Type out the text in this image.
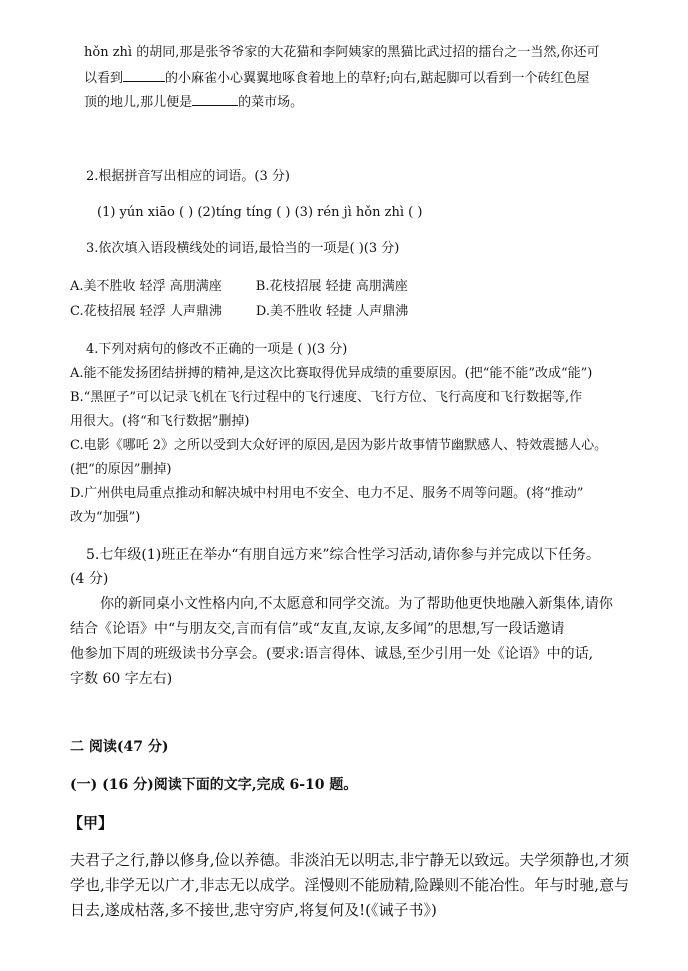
hǒn zhì 的胡同,那是张爷爷家的大花猫和李阿姨家的黑猫比武过招的擂台之一当然,你还可
以看到	的小麻雀小心翼翼地啄食着地上的草籽;向右,踮起脚可以看到一个砖红色屋
顶的地儿,那儿便是	的菜市场。
2.根据拼音写出相应的词语。(3 分)
(1) yún xiāo ( ) (2)tíng tíng ( ) (3) rén jì hǒn zhì ( )
3.依次填入语段横线处的词语,最恰当的一项是( )(3 分)
A.美不胜收 轻浮 高朋满座	B.花枝招展 轻捷 高朋满座
C.花枝招展 轻浮 人声鼎沸	D.美不胜收 轻捷 人声鼎沸
4.下列对病句的修改不正确的一项是 ( )(3 分)
A.能不能发扬团结拼搏的精神,是这次比赛取得优异成绩的重要原因。(把“能不能”改成“能”)
B.“黑匣子”可以记录飞机在飞行过程中的飞行速度、飞行方位、飞行高度和飞行数据等,作
用很大。(将“和飞行数据”删掉)
C.电影《哪吒 2》之所以受到大众好评的原因,是因为影片故事情节幽默感人、特效震撼人心。
(把“的原因”删掉)
D.广州供电局重点推动和解决城中村用电不安全、电力不足、服务不周等问题。(将“推动”
改为“加强”)
5.七年级(1)班正在举办“有朋自远方来”综合性学习活动,请你参与并完成以下任务。
(4 分)
你的新同桌小文性格内向,不太愿意和同学交流。为了帮助他更快地融入新集体,请你
结合《论语》中“与朋友交,言而有信”或“友直,友谅,友多闻”的思想,写一段话邀请
他参加下周的班级读书分享会。(要求:语言得体、诚恳,至少引用一处《论语》中的话,
字数 60 字左右)
二 阅读(47 分)
(一) (16 分)阅读下面的文字,完成 6-10 题。
【甲】
夫君子之行,静以修身,俭以养德。非淡泊无以明志,非宁静无以致远。夫学须静也,才须
学也,非学无以广才,非志无以成学。淫慢则不能励精,险躁则不能冶性。年与时驰,意与
日去,遂成枯落,多不接世,悲守穷庐,将复何及!(《诫子书》)
